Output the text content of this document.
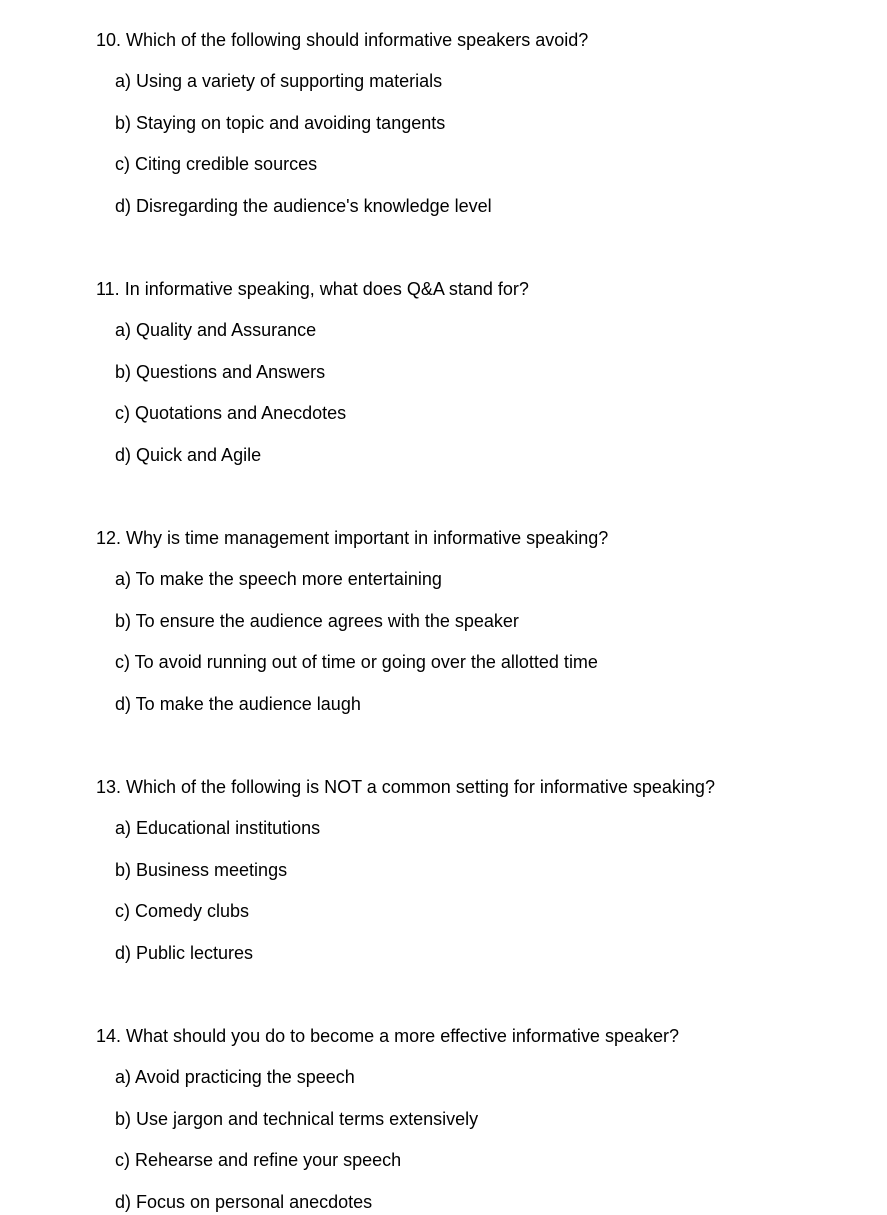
10. Which of the following should informative speakers avoid?
a) Using a variety of supporting materials
b) Staying on topic and avoiding tangents
c) Citing credible sources
d) Disregarding the audience's knowledge level
11. In informative speaking, what does Q&A stand for?
a) Quality and Assurance
b) Questions and Answers
c) Quotations and Anecdotes
d) Quick and Agile
12. Why is time management important in informative speaking?
a) To make the speech more entertaining
b) To ensure the audience agrees with the speaker
c) To avoid running out of time or going over the allotted time
d) To make the audience laugh
13. Which of the following is NOT a common setting for informative speaking?
a) Educational institutions
b) Business meetings
c) Comedy clubs
d) Public lectures
14. What should you do to become a more effective informative speaker?
a) Avoid practicing the speech
b) Use jargon and technical terms extensively
c) Rehearse and refine your speech
d) Focus on personal anecdotes
